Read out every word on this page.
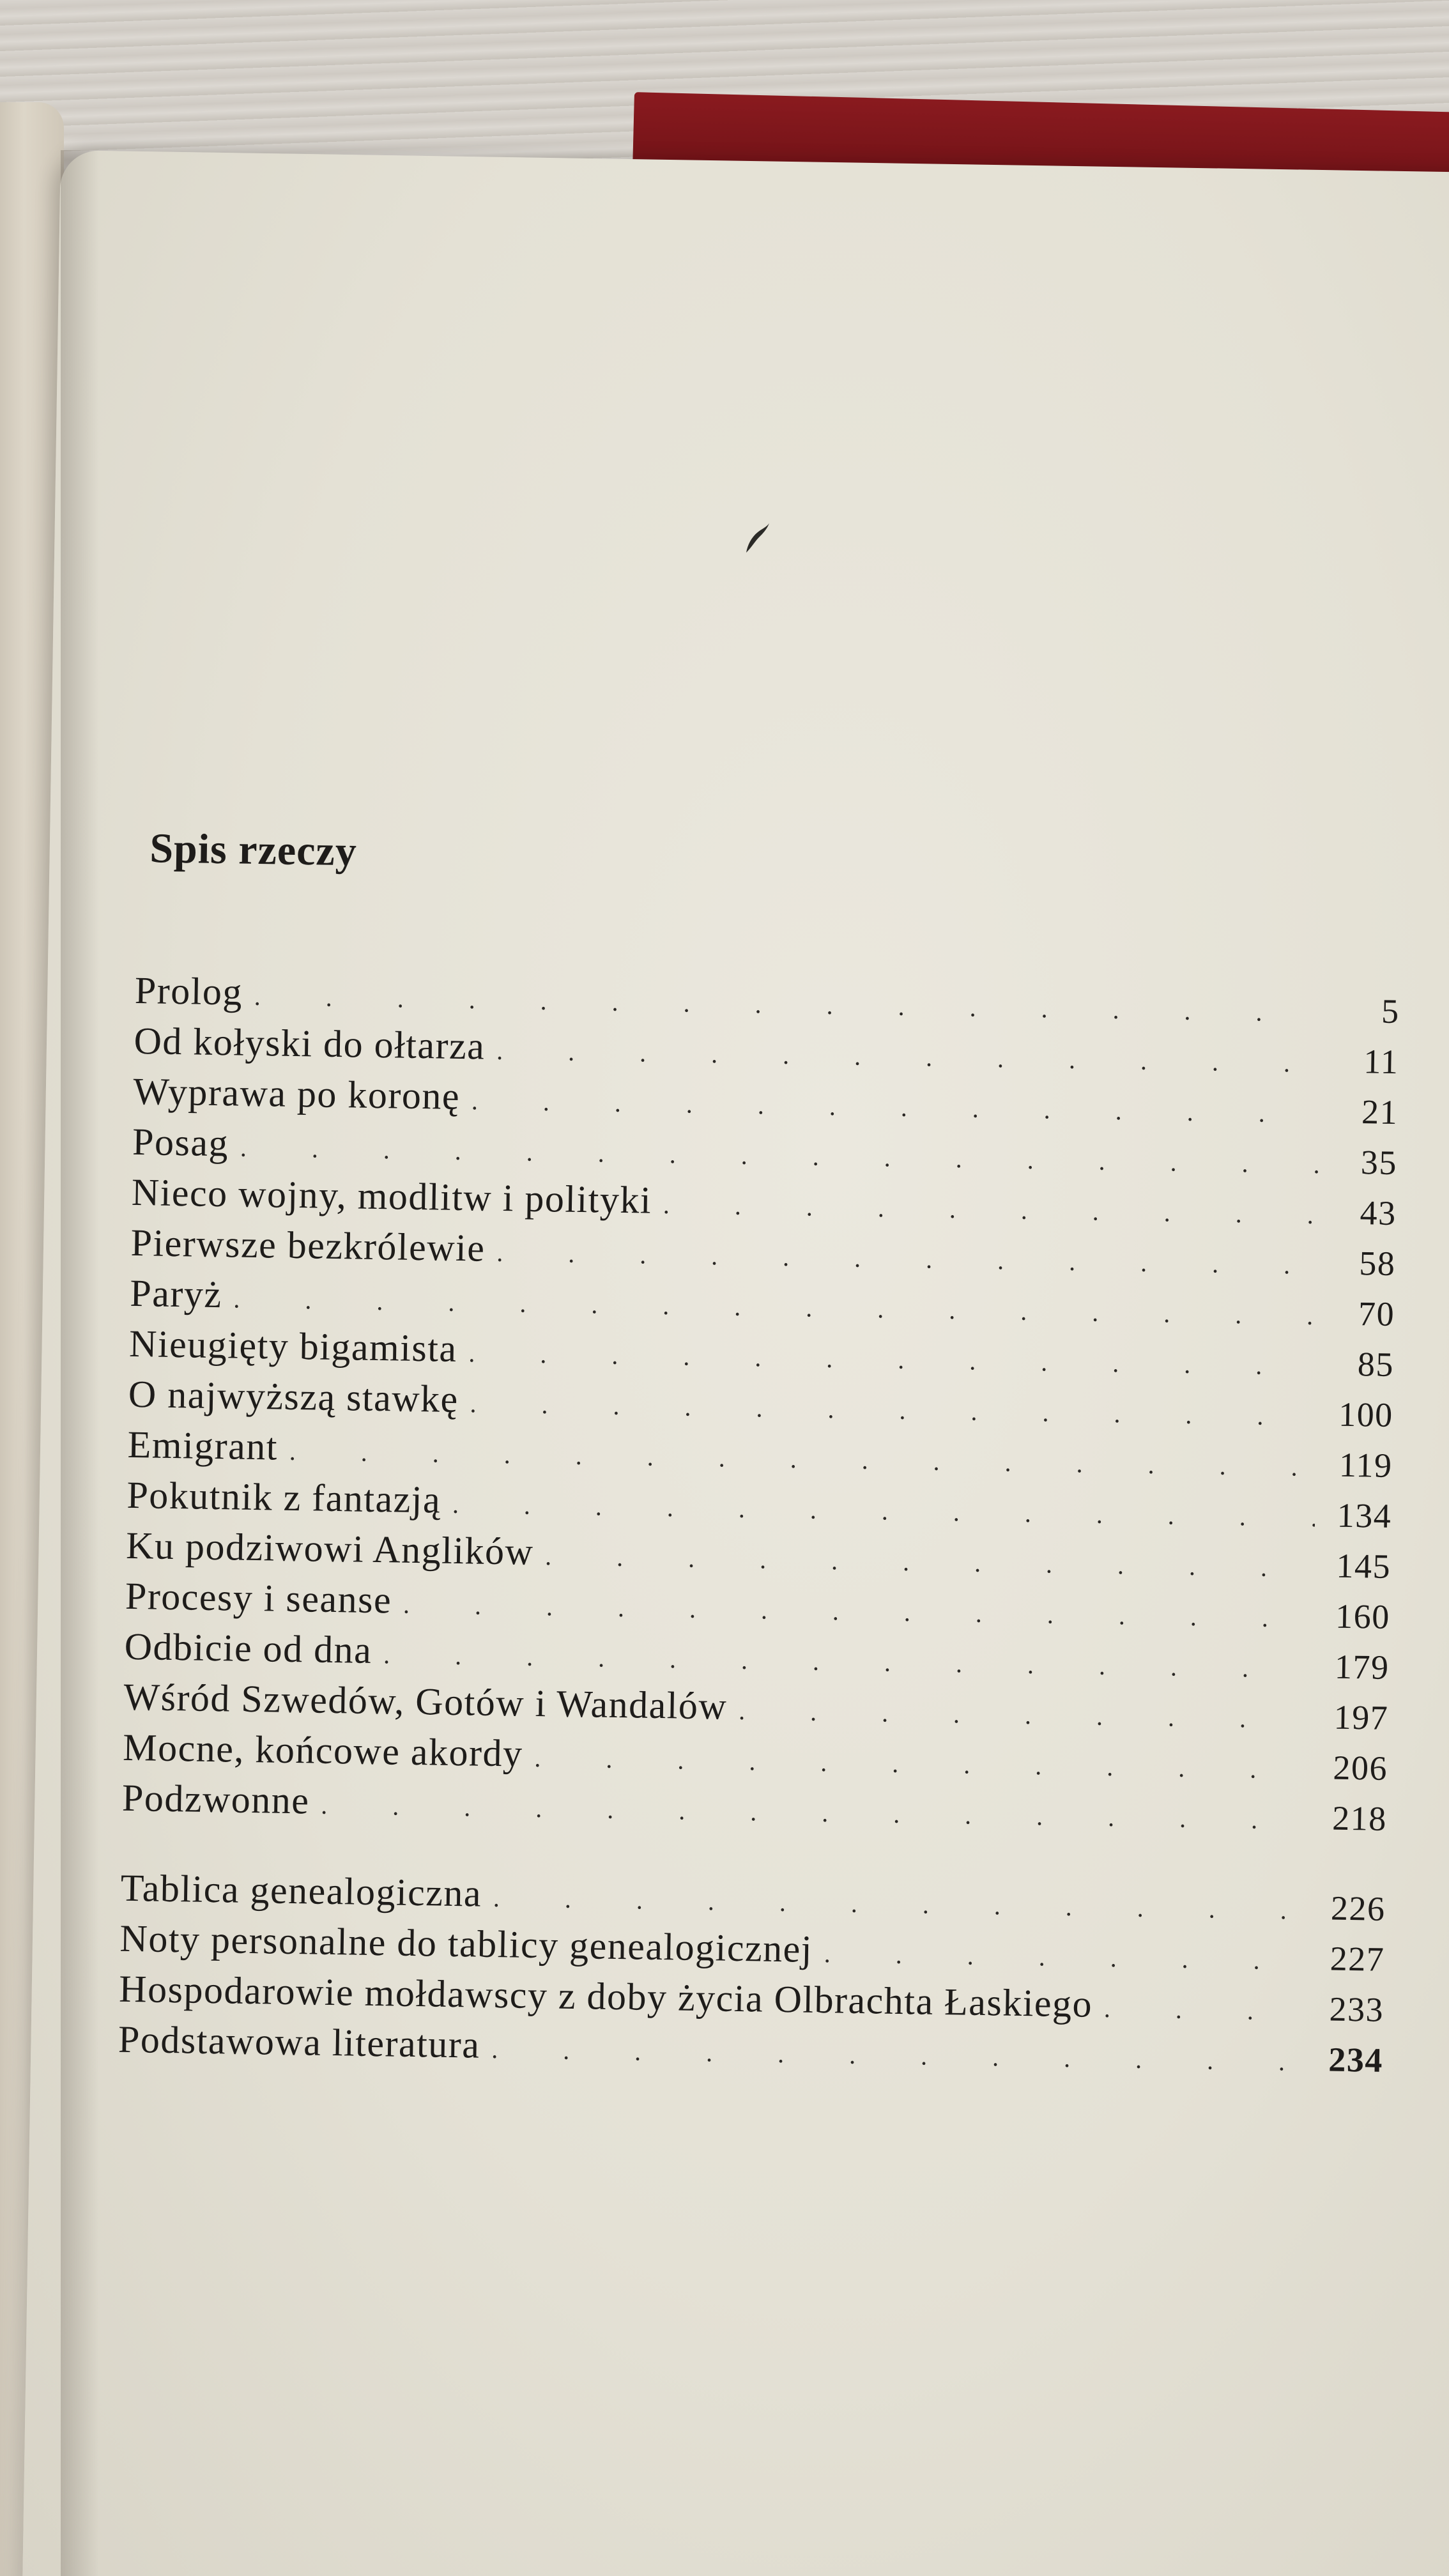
Spis rzeczy
Prolog . . .	5
Od kołyski do ołtarza . . .	11
Wyprawa po koronę . . .	21
Posag . . .	35
Nieco wojny, modlitw i polityki . . .	43
Pierwsze bezkrólewie . . .	58
Paryż . . .	70
Nieugięty bigamista . . .	85
O najwyższą stawkę . . .	100
Emigrant . . .	119
Pokutnik z fantazją . . .	134
Ku podziwowi Anglików . . .	145
Procesy i seanse . . .	160
Odbicie od dna . . .	179
Wśród Szwedów, Gotów i Wandalów . . .	197
Mocne, końcowe akordy . . .	206
Podzwonne . . .	218
Tablica genealogiczna . . .	226
Noty personalne do tablicy genealogicznej . . .	227
Hospodarowie mołdawscy z doby życia Olbrachta Łaskiego . . .	233
Podstawowa literatura . . .	234
